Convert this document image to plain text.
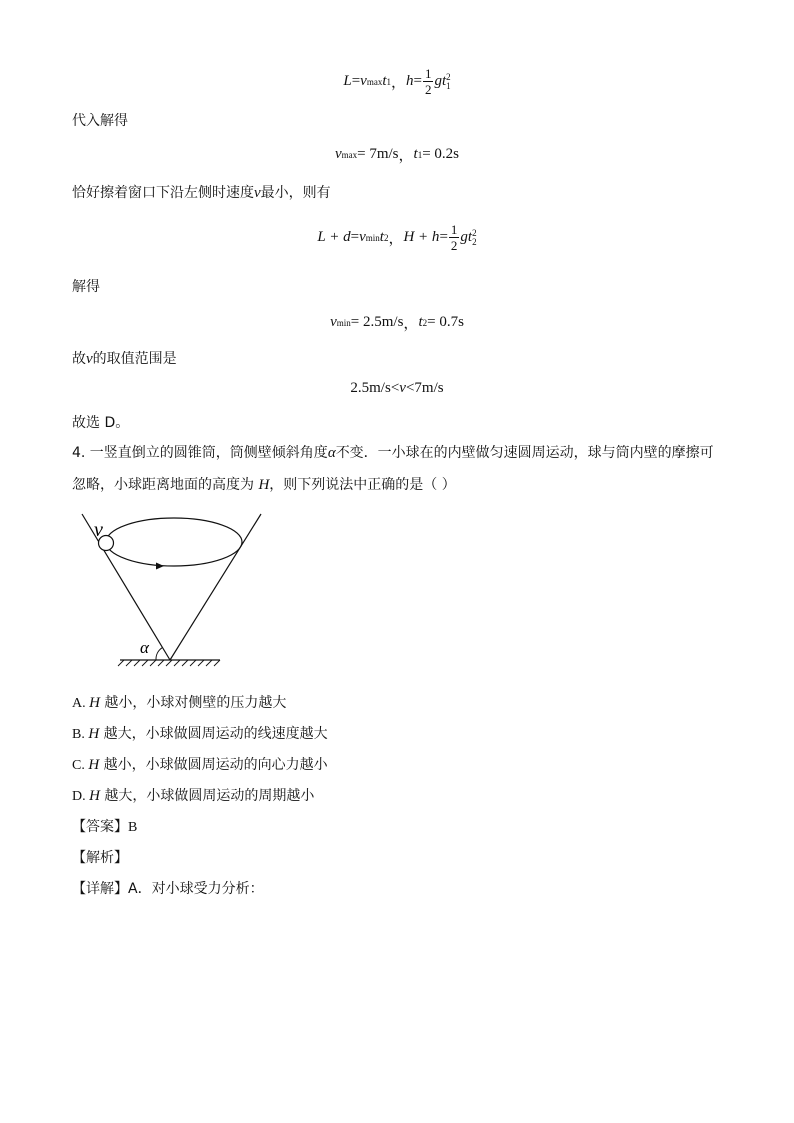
L = v max t 1 ， $h = \frac{1}{2}$ g t 2
1
代入解得
v max = 7m/s ， t 1 = 0.2s
恰好擦着窗口下沿左侧时速度v最小，则有
L + d = v min t 2 ， $H + h = \frac{1}{2}$ g t 2
2
解得
v min = 2.5m/s ， t 2 = 0.7s
故v的取值范围是
2.5m/s < v < 7m/s
故选 D。
4. 一竖直倒立的圆锥筒，筒侧壁倾斜角度α不变．一小球在的内壁做匀速圆周运动，球与筒内壁的摩擦可
忽略，小球距离地面的高度为 H，则下列说法中正确的是（ ）
v
α
A. H 越小，小球对侧壁的压力越大
B. H 越大，小球做圆周运动的线速度越大
C. H 越小，小球做圆周运动的向心力越小
D. H 越大，小球做圆周运动的周期越小
【答案】B
【解析】
【详解】A．对小球受力分析：
